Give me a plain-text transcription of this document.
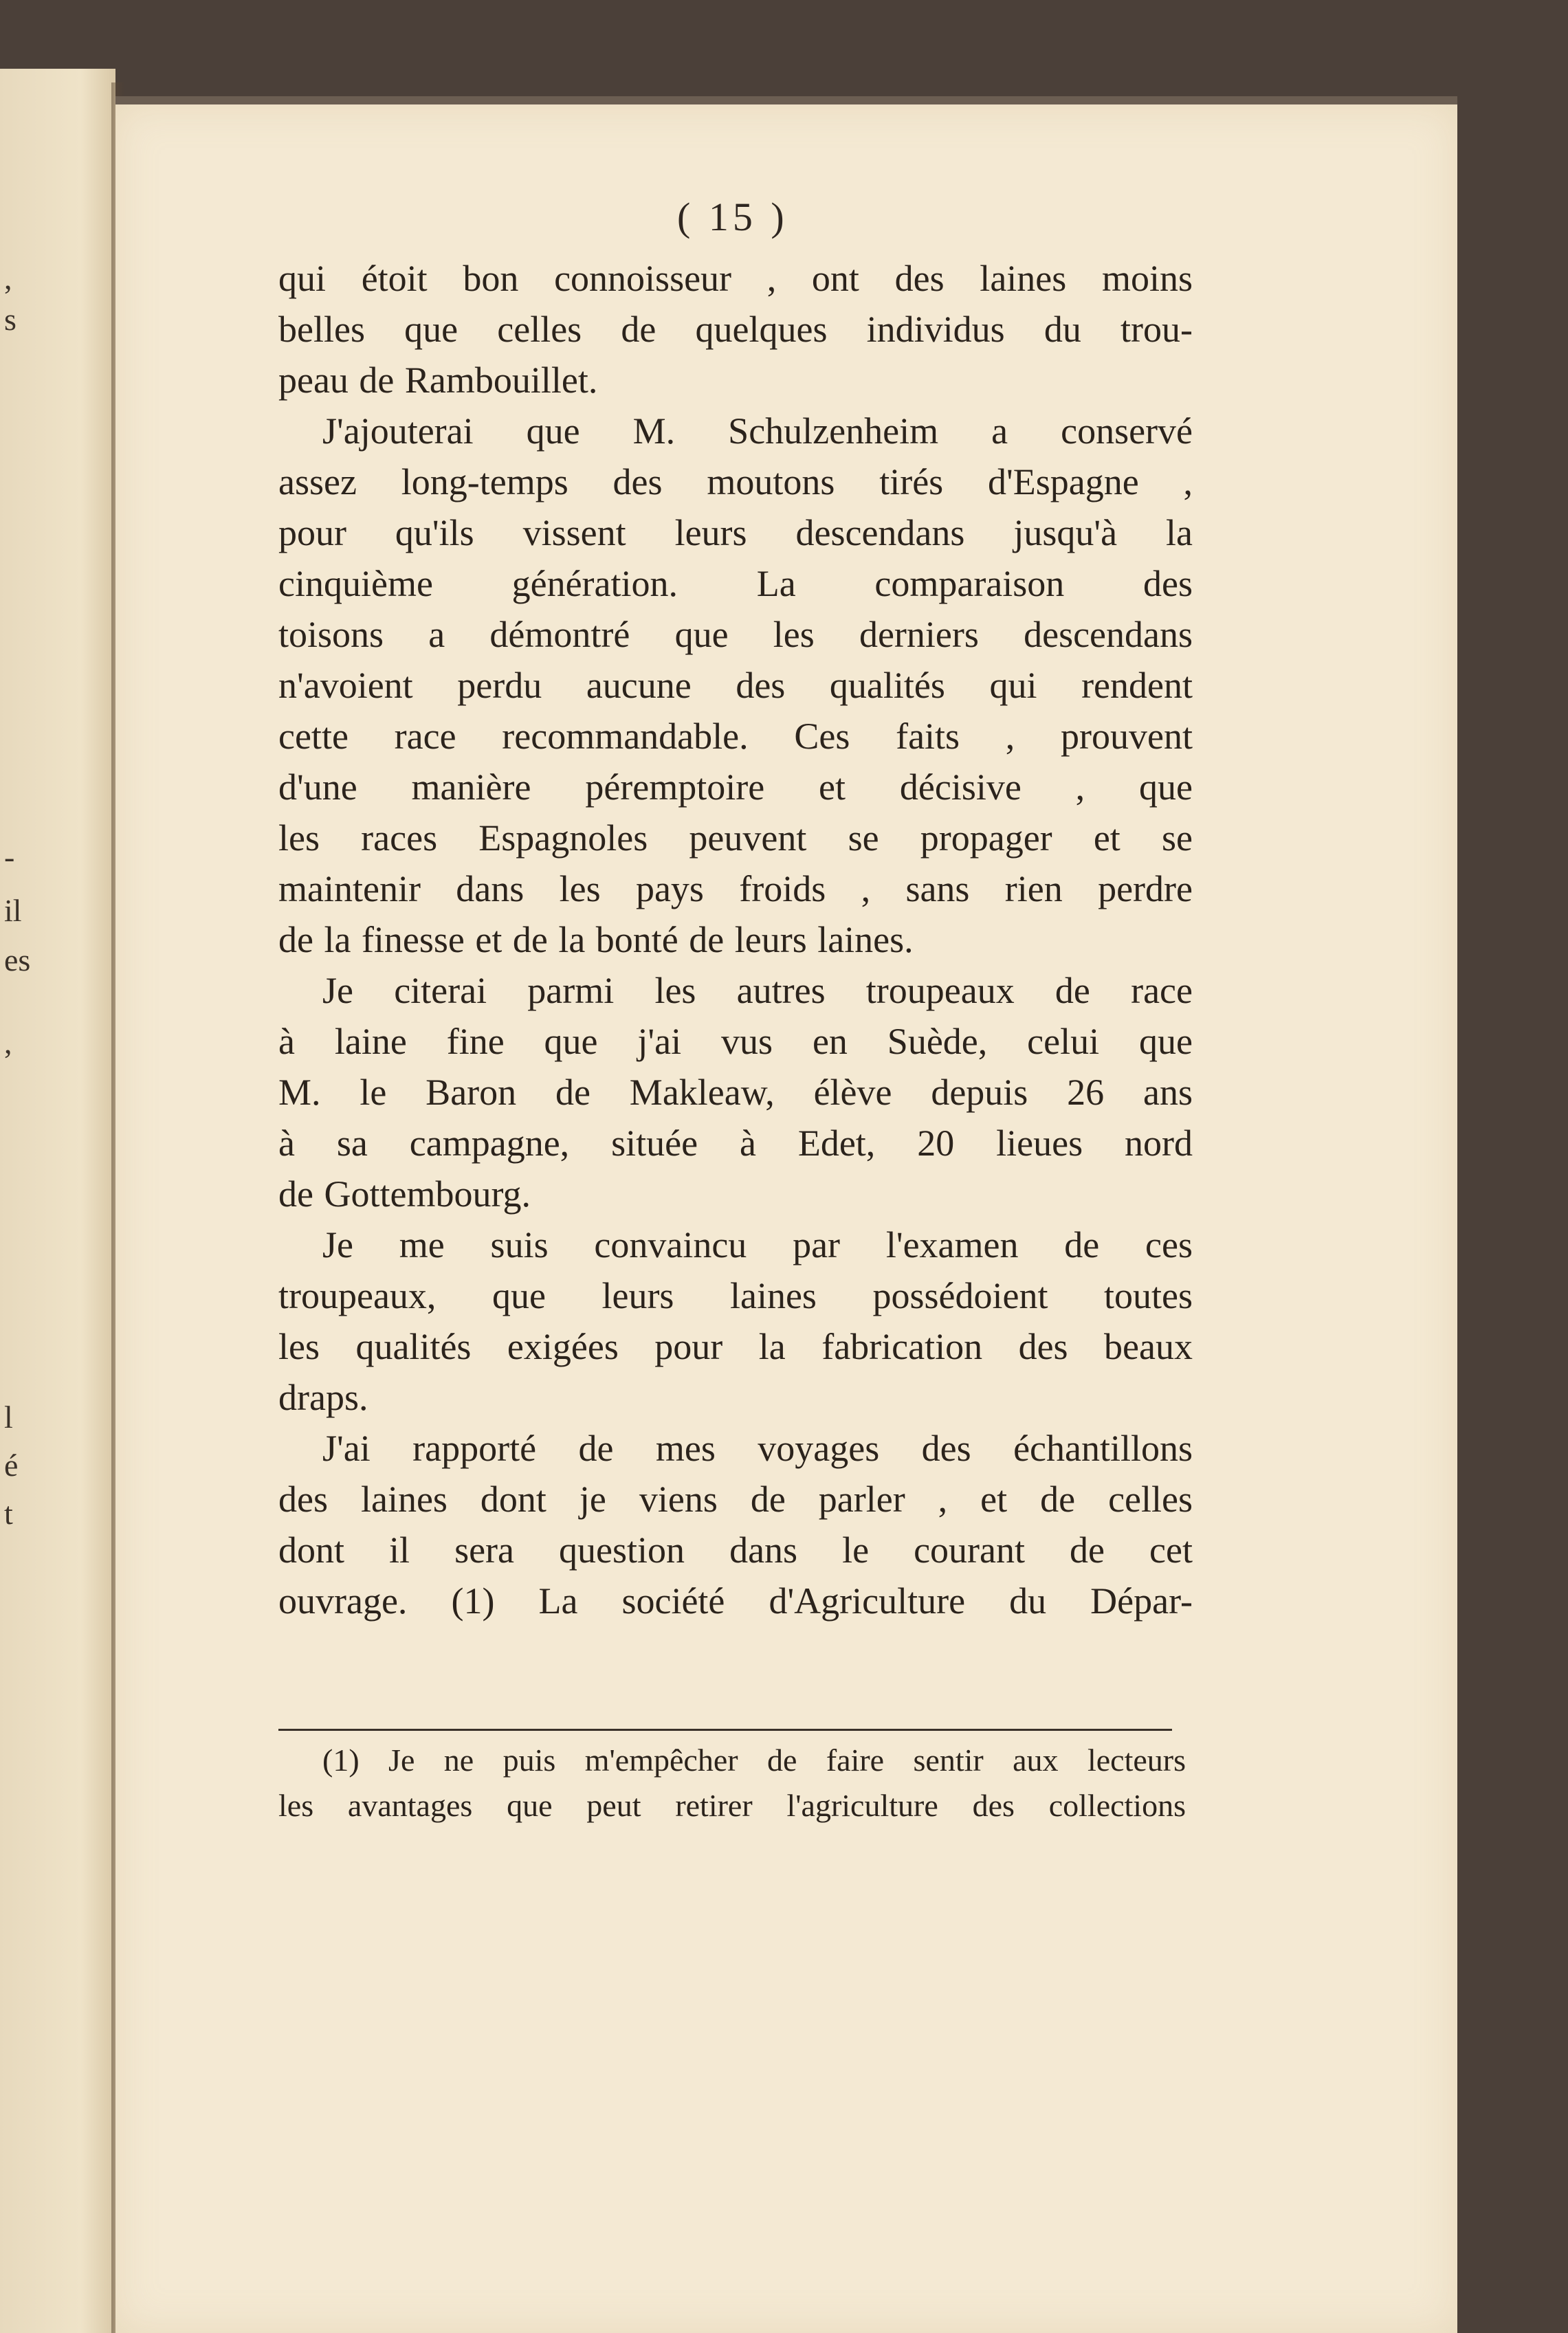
,
s
-
il
es
,
l
é
t
( 15 )
qui étoit bon connoisseur , ont des laines moins
belles que celles de quelques individus du trou-
peau de Rambouillet.
J'ajouterai que M. Schulzenheim a conservé
assez long-temps des moutons tirés d'Espagne ,
pour qu'ils vissent leurs descendans jusqu'à la
cinquième génération. La comparaison des
toisons a démontré que les derniers descendans
n'avoient perdu aucune des qualités qui rendent
cette race recommandable. Ces faits , prouvent
d'une manière péremptoire et décisive , que
les races Espagnoles peuvent se propager et se
maintenir dans les pays froids , sans rien perdre
de la finesse et de la bonté de leurs laines.
Je citerai parmi les autres troupeaux de race
à laine fine que j'ai vus en Suède, celui que
M. le Baron de Makleaw, élève depuis 26 ans
à sa campagne, située à Edet, 20 lieues nord
de Gottembourg.
Je me suis convaincu par l'examen de ces
troupeaux, que leurs laines possédoient toutes
les qualités exigées pour la fabrication des beaux
draps.
J'ai rapporté de mes voyages des échantillons
des laines dont je viens de parler , et de celles
dont il sera question dans le courant de cet
ouvrage. (1) La société d'Agriculture du Dépar-
(1) Je ne puis m'empêcher de faire sentir aux lecteurs
les avantages que peut retirer l'agriculture des collections
